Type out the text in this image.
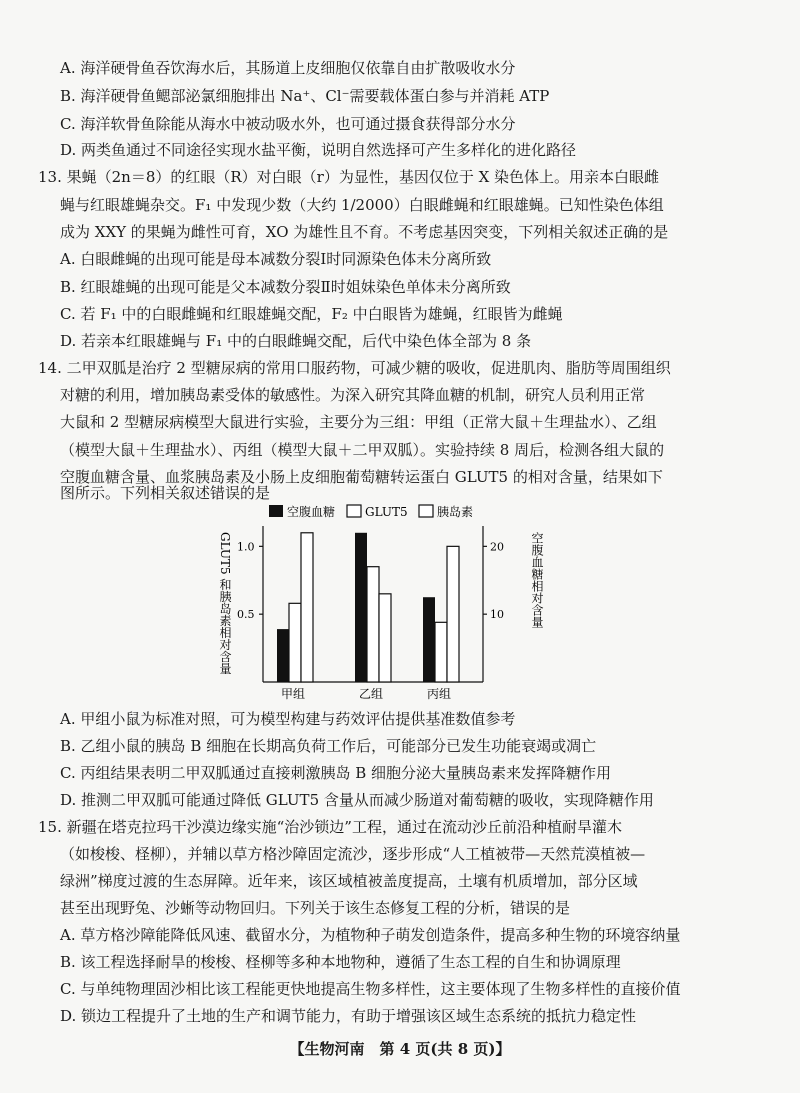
A. 海洋硬骨鱼吞饮海水后，其肠道上皮细胞仅依靠自由扩散吸收水分
B. 海洋硬骨鱼鳃部泌氯细胞排出 Na⁺、Cl⁻需要载体蛋白参与并消耗 ATP
C. 海洋软骨鱼除能从海水中被动吸水外，也可通过摄食获得部分水分
D. 两类鱼通过不同途径实现水盐平衡，说明自然选择可产生多样化的进化路径
13. 果蝇（2n＝8）的红眼（R）对白眼（r）为显性，基因仅位于 X 染色体上。用亲本白眼雌
蝇与红眼雄蝇杂交。F₁ 中发现少数（大约 1/2000）白眼雌蝇和红眼雄蝇。已知性染色体组
成为 XXY 的果蝇为雌性可育，XO 为雄性且不育。不考虑基因突变，下列相关叙述正确的是
A. 白眼雌蝇的出现可能是母本减数分裂Ⅰ时同源染色体未分离所致
B. 红眼雄蝇的出现可能是父本减数分裂Ⅱ时姐妹染色单体未分离所致
C. 若 F₁ 中的白眼雌蝇和红眼雄蝇交配，F₂ 中白眼皆为雄蝇，红眼皆为雌蝇
D. 若亲本红眼雄蝇与 F₁ 中的白眼雌蝇交配，后代中染色体全部为 8 条
14. 二甲双胍是治疗 2 型糖尿病的常用口服药物，可减少糖的吸收，促进肌肉、脂肪等周围组织
对糖的利用，增加胰岛素受体的敏感性。为深入研究其降血糖的机制，研究人员利用正常
大鼠和 2 型糖尿病模型大鼠进行实验，主要分为三组：甲组（正常大鼠＋生理盐水）、乙组
（模型大鼠＋生理盐水）、丙组（模型大鼠＋二甲双胍）。实验持续 8 周后，检测各组大鼠的
空腹血糖含量、血浆胰岛素及小肠上皮细胞葡萄糖转运蛋白 GLUT5 的相对含量，结果如下
图所示。下列相关叙述错误的是
空腹血糖 GLUT5 胰岛素
GLUT5 和胰岛素相对含量	空腹血糖相对含量
0.5
1.0
10
20
甲组	乙组	丙组
A. 甲组小鼠为标准对照，可为模型构建与药效评估提供基准数值参考
B. 乙组小鼠的胰岛 B 细胞在长期高负荷工作后，可能部分已发生功能衰竭或凋亡
C. 丙组结果表明二甲双胍通过直接刺激胰岛 B 细胞分泌大量胰岛素来发挥降糖作用
D. 推测二甲双胍可能通过降低 GLUT5 含量从而减少肠道对葡萄糖的吸收，实现降糖作用
15. 新疆在塔克拉玛干沙漠边缘实施“治沙锁边”工程，通过在流动沙丘前沿种植耐旱灌木
（如梭梭、柽柳），并辅以草方格沙障固定流沙，逐步形成“人工植被带—天然荒漠植被—
绿洲”梯度过渡的生态屏障。近年来，该区域植被盖度提高，土壤有机质增加，部分区域
甚至出现野兔、沙蜥等动物回归。下列关于该生态修复工程的分析，错误的是
A. 草方格沙障能降低风速、截留水分，为植物种子萌发创造条件，提高多种生物的环境容纳量
B. 该工程选择耐旱的梭梭、柽柳等多种本地物种，遵循了生态工程的自生和协调原理
C. 与单纯物理固沙相比该工程能更快地提高生物多样性，这主要体现了生物多样性的直接价值
D. 锁边工程提升了土地的生产和调节能力，有助于增强该区域生态系统的抵抗力稳定性
【生物河南　第 4 页(共 8 页)】
